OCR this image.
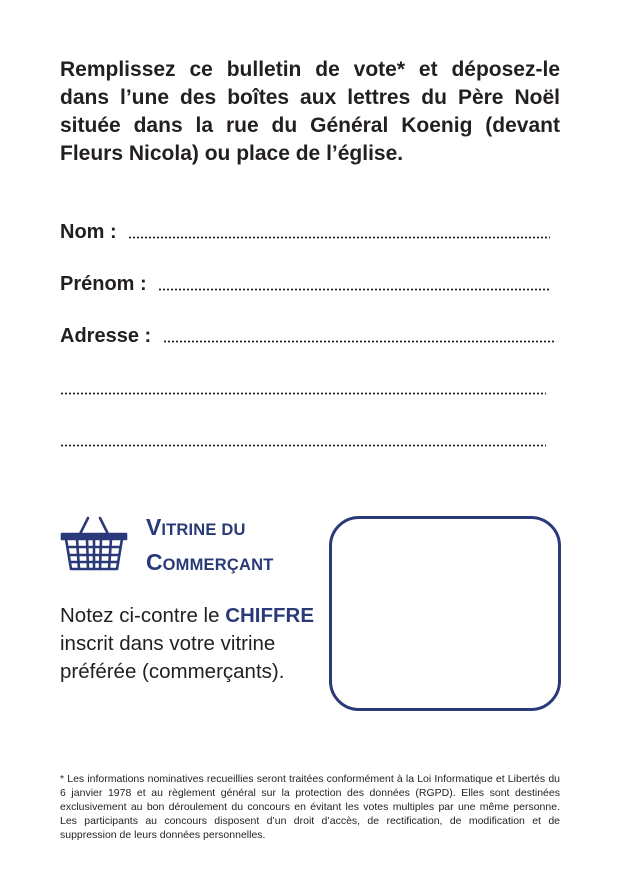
Remplissez ce bulletin de vote* et déposez-le dans l’une des boîtes aux lettres du Père Noël située dans la rue du Général Koenig (devant Fleurs Nicola) ou place de l’église.
Nom :
Prénom :
Adresse :
VITRINE DU
COMMERÇANT
Notez ci-contre le CHIFFRE inscrit dans votre vitrine préférée (commerçants).
* Les informations nominatives recueillies seront traitées conformément à la Loi Informatique et Libertés du 6 janvier 1978 et au règlement général sur la protection des données (RGPD). Elles sont destinées exclusivement au bon déroulement du concours en évitant les votes multiples par une même personne. Les participants au concours disposent d’un droit d’accès, de rectification, de modification et de suppression de leurs données personnelles.
